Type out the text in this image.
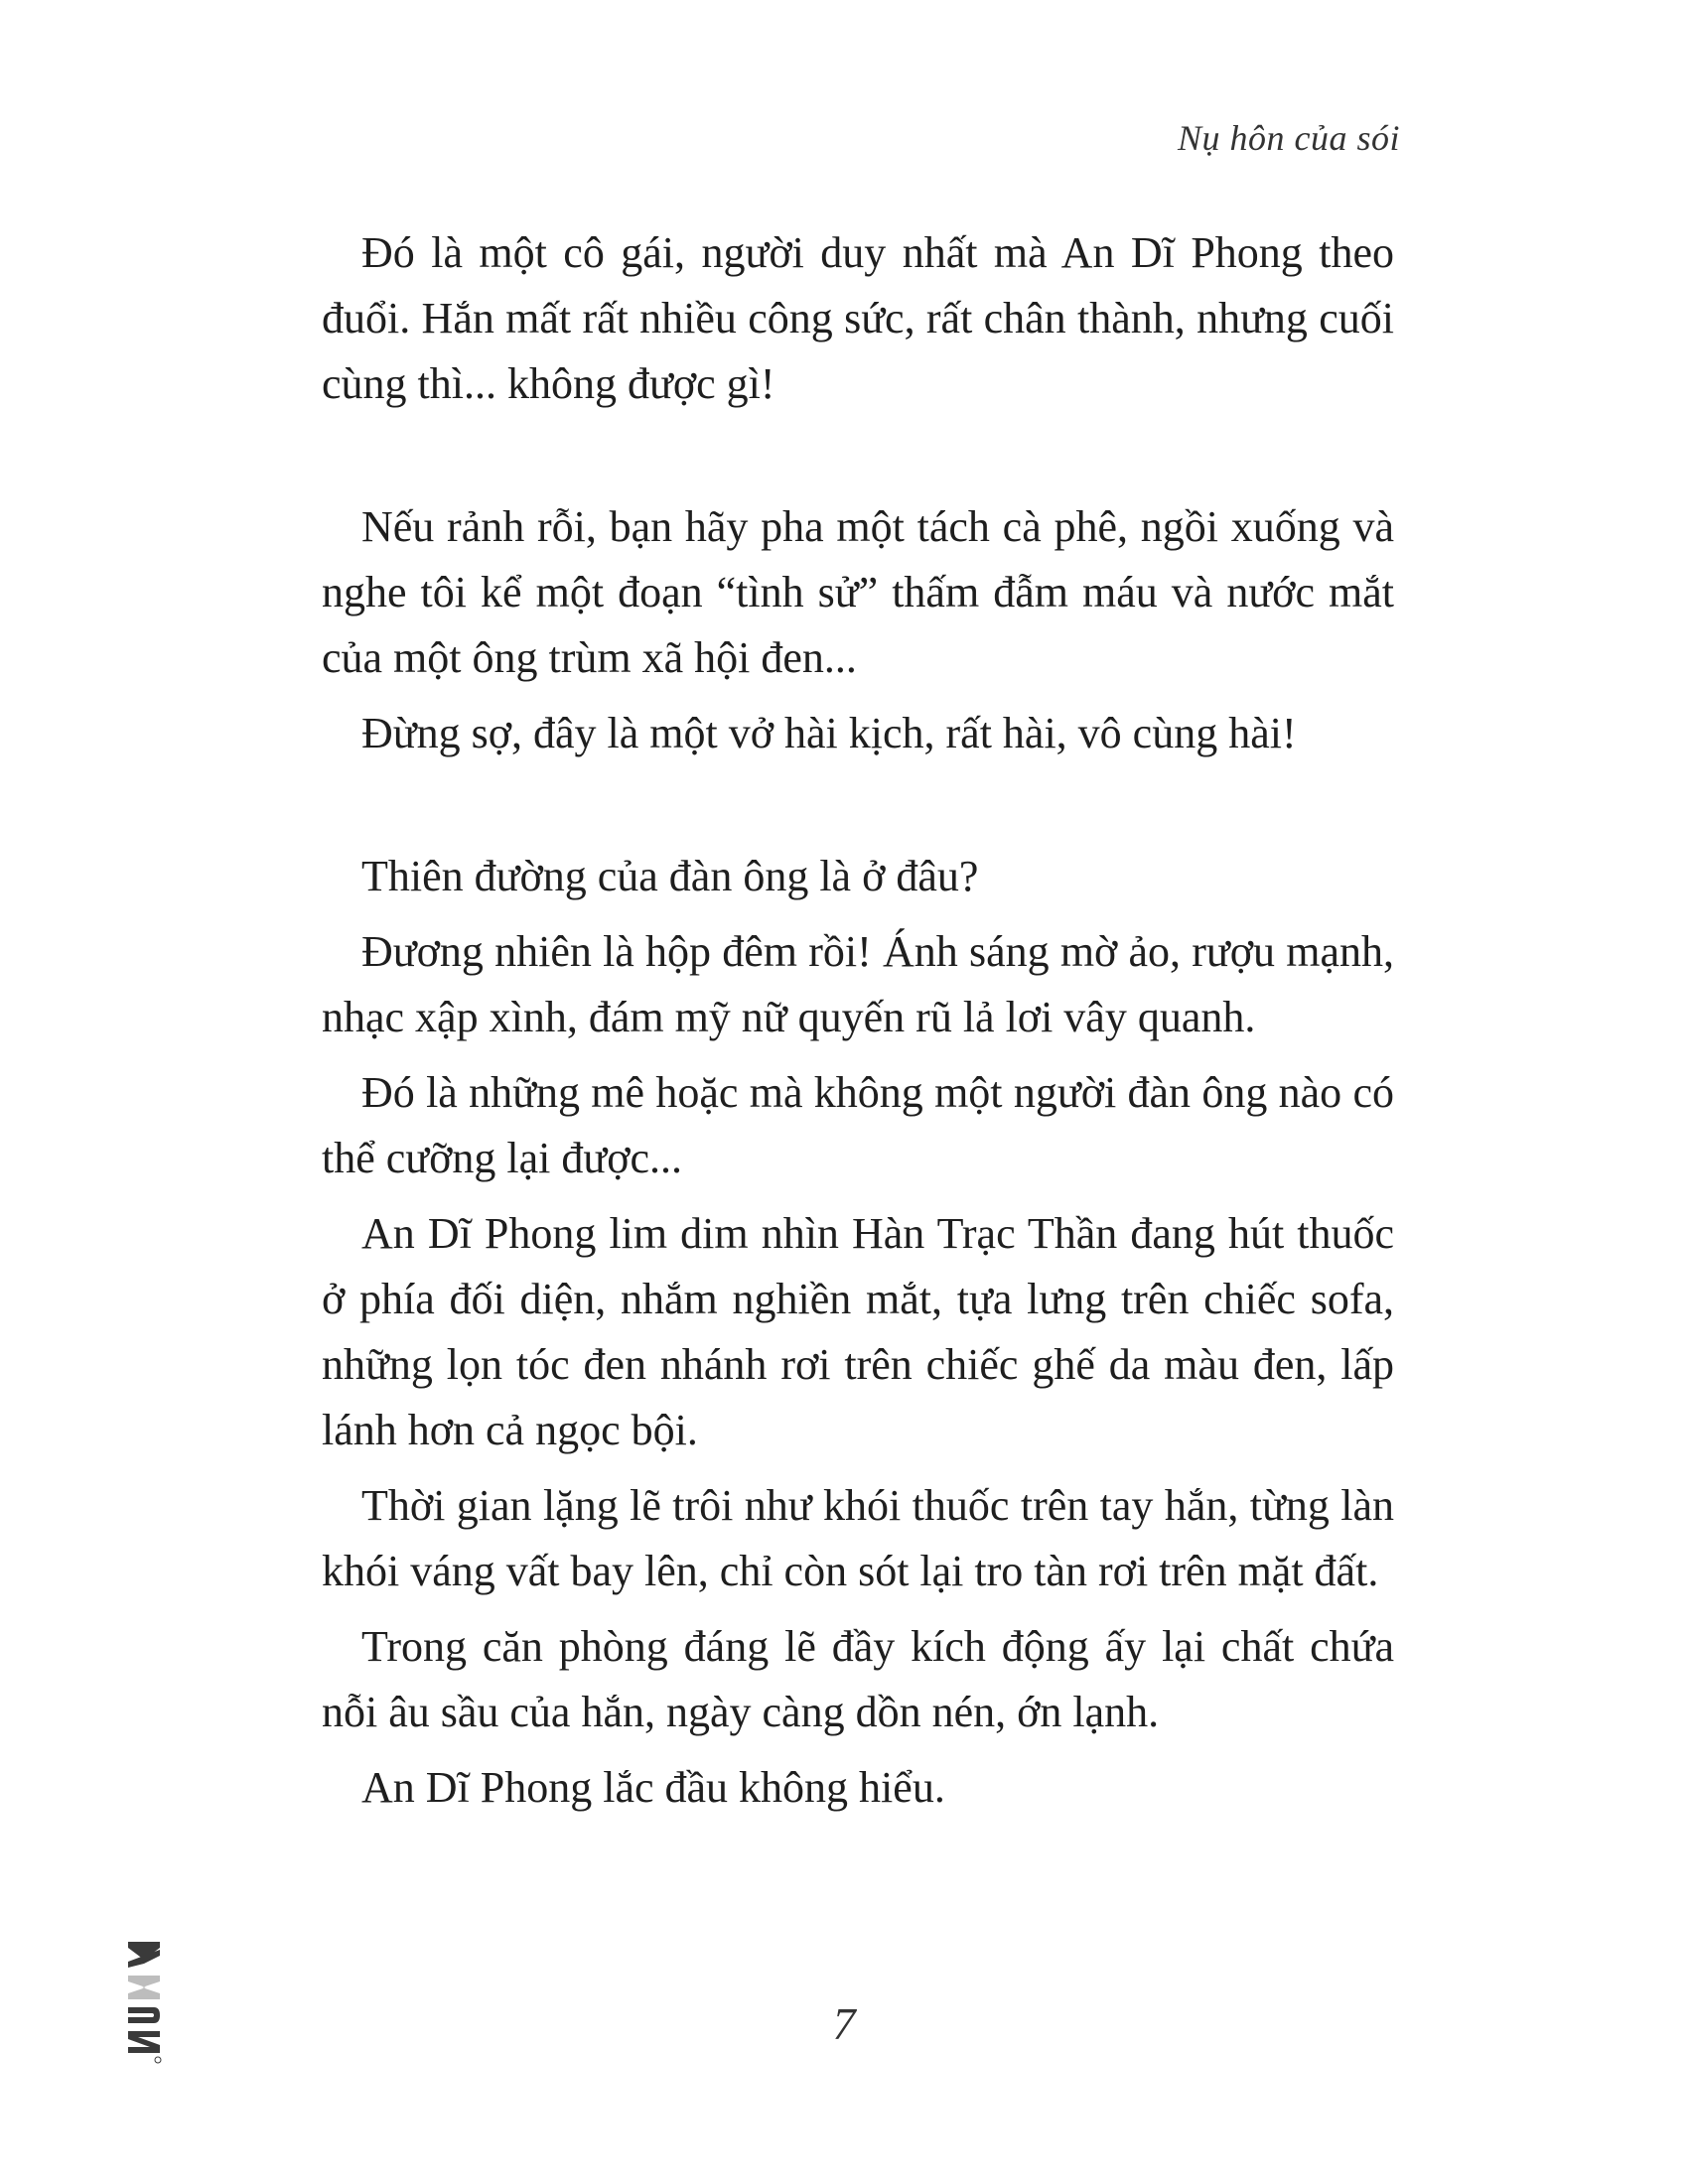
Nụ hôn của sói

Đó là một cô gái, người duy nhất mà An Dĩ Phong theo đuổi. Hắn mất rất nhiều công sức, rất chân thành, nhưng cuối cùng thì... không được gì!

Nếu rảnh rỗi, bạn hãy pha một tách cà phê, ngồi xuống và nghe tôi kể một đoạn “tình sử” thấm đẫm máu và nước mắt của một ông trùm xã hội đen...

Đừng sợ, đây là một vở hài kịch, rất hài, vô cùng hài!

Thiên đường của đàn ông là ở đâu?

Đương nhiên là hộp đêm rồi! Ánh sáng mờ ảo, rượu mạnh, nhạc xập xình, đám mỹ nữ quyến rũ lả lơi vây quanh.

Đó là những mê hoặc mà không một người đàn ông nào có thể cưỡng lại được...

An Dĩ Phong lim dim nhìn Hàn Trạc Thần đang hút thuốc ở phía đối diện, nhắm nghiền mắt, tựa lưng trên chiếc sofa, những lọn tóc đen nhánh rơi trên chiếc ghế da màu đen, lấp lánh hơn cả ngọc bội.

Thời gian lặng lẽ trôi như khói thuốc trên tay hắn, từng làn khói váng vất bay lên, chỉ còn sót lại tro tàn rơi trên mặt đất.

Trong căn phòng đáng lẽ đầy kích động ấy lại chất chứa nỗi âu sầu của hắn, ngày càng dồn nén, ớn lạnh.

An Dĩ Phong lắc đầu không hiểu.

7
